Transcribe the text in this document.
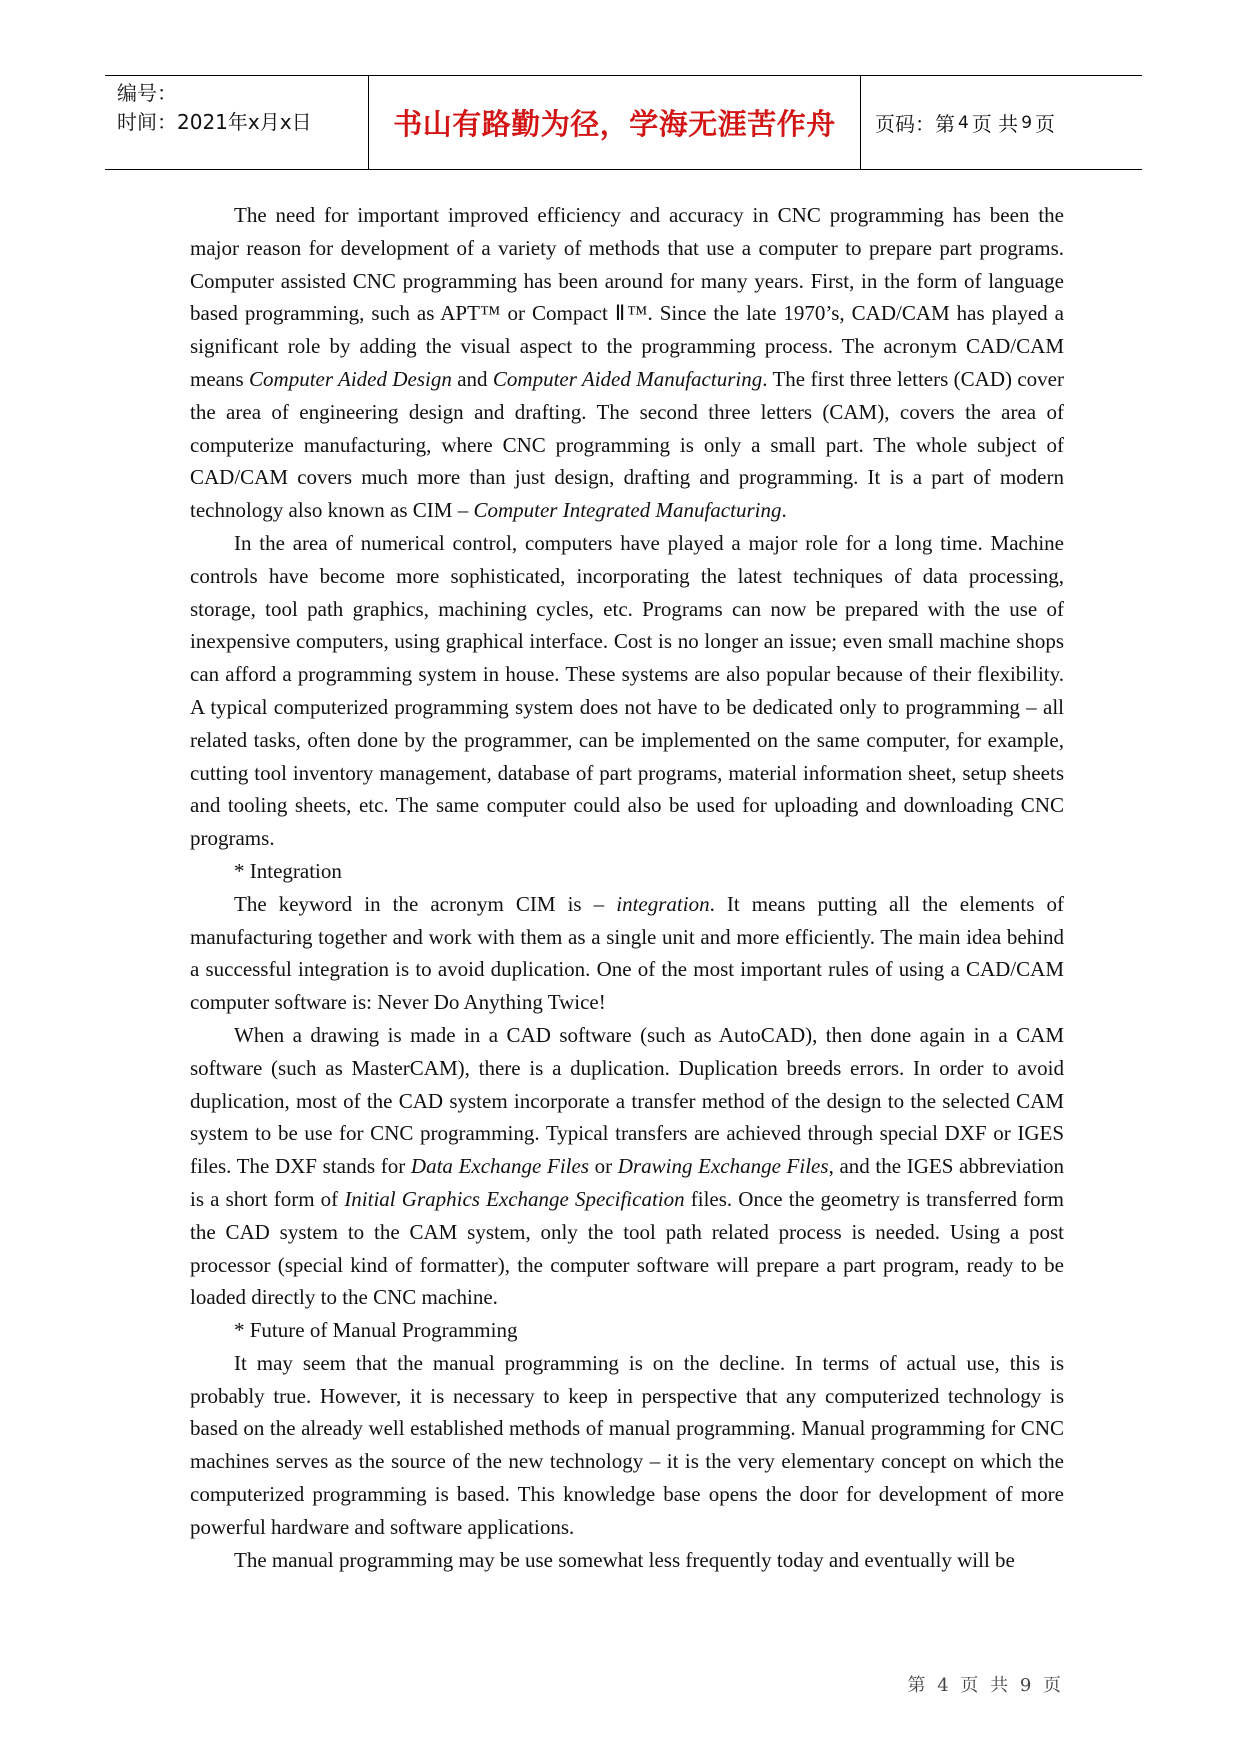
编号：
时间：2021年x月x日	书山有路勤为径，学海无涯苦作舟	页码：第 4 页 共 9 页

The need for important improved efficiency and accuracy in CNC programming has been the major reason for development of a variety of methods that use a computer to prepare part programs. Computer assisted CNC programming has been around for many years. First, in the form of language based programming, such as APT™ or Compact Ⅱ™. Since the late 1970’s, CAD/CAM has played a significant role by adding the visual aspect to the programming process. The acronym CAD/CAM means Computer Aided Design and Computer Aided Manufacturing. The first three letters (CAD) cover the area of engineering design and drafting. The second three letters (CAM), covers the area of computerize manufacturing, where CNC programming is only a small part. The whole subject of CAD/CAM covers much more than just design, drafting and programming. It is a part of modern technology also known as CIM – Computer Integrated Manufacturing.

In the area of numerical control, computers have played a major role for a long time. Machine controls have become more sophisticated, incorporating the latest techniques of data processing, storage, tool path graphics, machining cycles, etc. Programs can now be prepared with the use of inexpensive computers, using graphical interface. Cost is no longer an issue; even small machine shops can afford a programming system in house. These systems are also popular because of their flexibility. A typical computerized programming system does not have to be dedicated only to programming – all related tasks, often done by the programmer, can be implemented on the same computer, for example, cutting tool inventory management, database of part programs, material information sheet, setup sheets and tooling sheets, etc. The same computer could also be used for uploading and downloading CNC programs.

* Integration

The keyword in the acronym CIM is – integration. It means putting all the elements of manufacturing together and work with them as a single unit and more efficiently. The main idea behind a successful integration is to avoid duplication. One of the most important rules of using a CAD/CAM computer software is: Never Do Anything Twice!

When a drawing is made in a CAD software (such as AutoCAD), then done again in a CAM software (such as MasterCAM), there is a duplication. Duplication breeds errors. In order to avoid duplication, most of the CAD system incorporate a transfer method of the design to the selected CAM system to be use for CNC programming. Typical transfers are achieved through special DXF or IGES files. The DXF stands for Data Exchange Files or Drawing Exchange Files, and the IGES abbreviation is a short form of Initial Graphics Exchange Specification files. Once the geometry is transferred form the CAD system to the CAM system, only the tool path related process is needed. Using a post processor (special kind of formatter), the computer software will prepare a part program, ready to be loaded directly to the CNC machine.

* Future of Manual Programming

It may seem that the manual programming is on the decline. In terms of actual use, this is probably true. However, it is necessary to keep in perspective that any computerized technology is based on the already well established methods of manual programming. Manual programming for CNC machines serves as the source of the new technology – it is the very elementary concept on which the computerized programming is based. This knowledge base opens the door for development of more powerful hardware and software applications.

The manual programming may be use somewhat less frequently today and eventually will be

第 4 页 共 9 页
